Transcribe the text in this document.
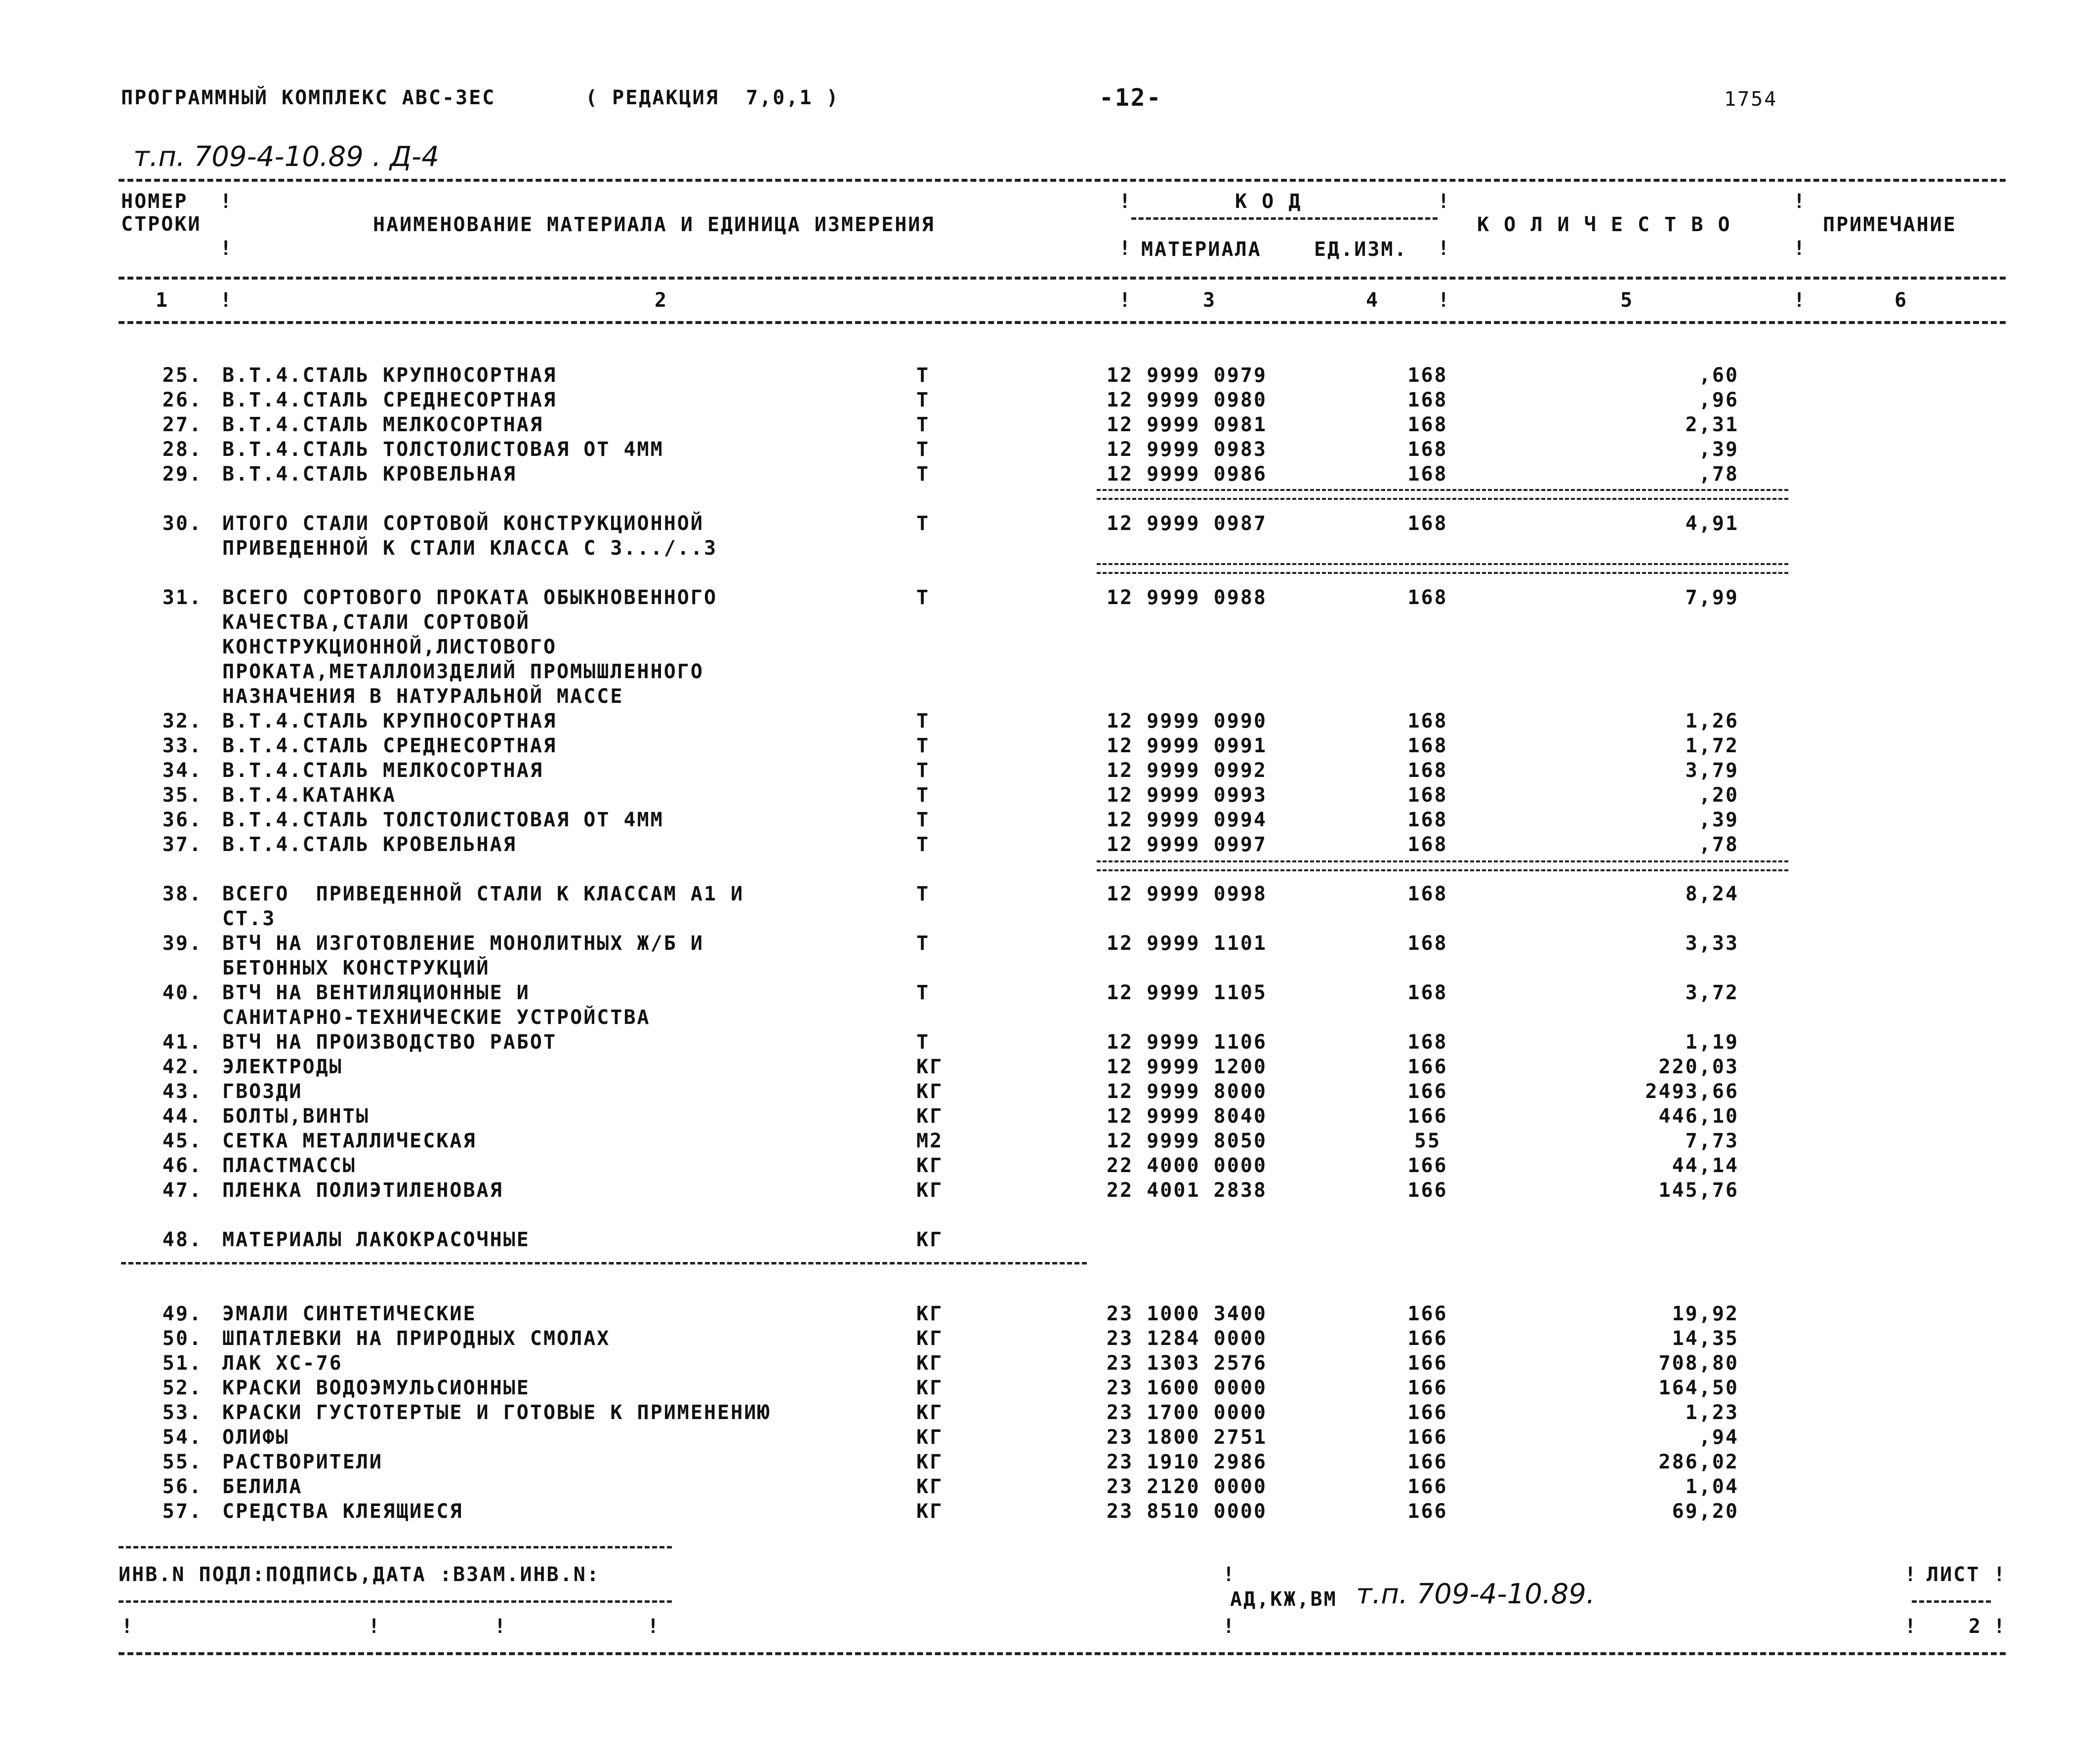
ПРОГРАММНЫЙ КОМПЛЕКС АВС-3ЕС	( РЕДАКЦИЯ  7,0,1 )	-12-	1754
т.п. 709-4-10.89 . Д-4
НОМЕР
СТРОКИ	НАИМЕНОВАНИЕ МАТЕРИАЛА И ЕДИНИЦА ИЗМЕРЕНИЯ
К О Д
МАТЕРИАЛА	ЕД.ИЗМ.
К О Л И Ч Е С Т В О	ПРИМЕЧАНИЕ
!
!
!
!
!
!
!
!
1	2	3	4	5	6
!	!	!	!
25. В.Т.4.СТАЛЬ КРУПНОСОРТНАЯ	Т	12 9999 0979	168	,60
26. В.Т.4.СТАЛЬ СРЕДНЕСОРТНАЯ	Т	12 9999 0980	168	,96
27. В.Т.4.СТАЛЬ МЕЛКОСОРТНАЯ	Т	12 9999 0981	168	2,31
28. В.Т.4.СТАЛЬ ТОЛСТОЛИСТОВАЯ ОТ 4ММ	Т	12 9999 0983	168	,39
29. В.Т.4.СТАЛЬ КРОВЕЛЬНАЯ	Т	12 9999 0986	168	,78
30. ИТОГО СТАЛИ СОРТОВОЙ КОНСТРУКЦИОННОЙ
ПРИВЕДЕННОЙ К СТАЛИ КЛАССА С 3.../..3
Т	12 9999 0987	168	4,91
31. ВСЕГО СОРТОВОГО ПРОКАТА ОБЫКНОВЕННОГО
КАЧЕСТВА,СТАЛИ СОРТОВОЙ
КОНСТРУКЦИОННОЙ,ЛИСТОВОГО
ПРОКАТА,МЕТАЛЛОИЗДЕЛИЙ ПРОМЫШЛЕННОГО
НАЗНАЧЕНИЯ В НАТУРАЛЬНОЙ МАССЕ
Т	12 9999 0988	168	7,99
32. В.Т.4.СТАЛЬ КРУПНОСОРТНАЯ	Т	12 9999 0990	168	1,26
33. В.Т.4.СТАЛЬ СРЕДНЕСОРТНАЯ	Т	12 9999 0991	168	1,72
34. В.Т.4.СТАЛЬ МЕЛКОСОРТНАЯ	Т	12 9999 0992	168	3,79
35. В.Т.4.КАТАНКА	Т	12 9999 0993	168	,20
36. В.Т.4.СТАЛЬ ТОЛСТОЛИСТОВАЯ ОТ 4ММ	Т	12 9999 0994	168	,39
37. В.Т.4.СТАЛЬ КРОВЕЛЬНАЯ	Т	12 9999 0997	168	,78
38. ВСЕГО  ПРИВЕДЕННОЙ СТАЛИ К КЛАССАМ А1 И
СТ.3
Т	12 9999 0998	168	8,24
39. ВТЧ НА ИЗГОТОВЛЕНИЕ МОНОЛИТНЫХ Ж/Б И
БЕТОННЫХ КОНСТРУКЦИЙ
Т	12 9999 1101	168	3,33
40. ВТЧ НА ВЕНТИЛЯЦИОННЫЕ И
САНИТАРНО-ТЕХНИЧЕСКИЕ УСТРОЙСТВА
Т	12 9999 1105	168	3,72
41. ВТЧ НА ПРОИЗВОДСТВО РАБОТ	Т	12 9999 1106	168	1,19
42. ЭЛЕКТРОДЫ	КГ	12 9999 1200	166	220,03
43. ГВОЗДИ	КГ	12 9999 8000	166	2493,66
44. БОЛТЫ,ВИНТЫ	КГ	12 9999 8040	166	446,10
45. СЕТКА МЕТАЛЛИЧЕСКАЯ	М2	12 9999 8050	55	7,73
46. ПЛАСТМАССЫ	КГ	22 4000 0000	166	44,14
47. ПЛЕНКА ПОЛИЭТИЛЕНОВАЯ	КГ	22 4001 2838	166	145,76
48. МАТЕРИАЛЫ ЛАКОКРАСОЧНЫЕ	КГ
49. ЭМАЛИ СИНТЕТИЧЕСКИЕ	КГ	23 1000 3400	166	19,92
50. ШПАТЛЕВКИ НА ПРИРОДНЫХ СМОЛАХ	КГ	23 1284 0000	166	14,35
51. ЛАК ХС-76	КГ	23 1303 2576	166	708,80
52. КРАСКИ ВОДОЭМУЛЬСИОННЫЕ	КГ	23 1600 0000	166	164,50
53. КРАСКИ ГУСТОТЕРТЫЕ И ГОТОВЫЕ К ПРИМЕНЕНИЮ	КГ	23 1700 0000	166	1,23
54. ОЛИФЫ	КГ	23 1800 2751	166	,94
55. РАСТВОРИТЕЛИ	КГ	23 1910 2986	166	286,02
56. БЕЛИЛА	КГ	23 2120 0000	166	1,04
57. СРЕДСТВА КЛЕЯЩИЕСЯ	КГ	23 8510 0000	166	69,20
ИНВ.N ПОДЛ:ПОДПИСЬ,ДАТА :ВЗАМ.ИНВ.N:
!	!	!	!
!
АД,КЖ,ВМ т.п. 709-4-10.89.
!
! ЛИСТ !
!	2 !
